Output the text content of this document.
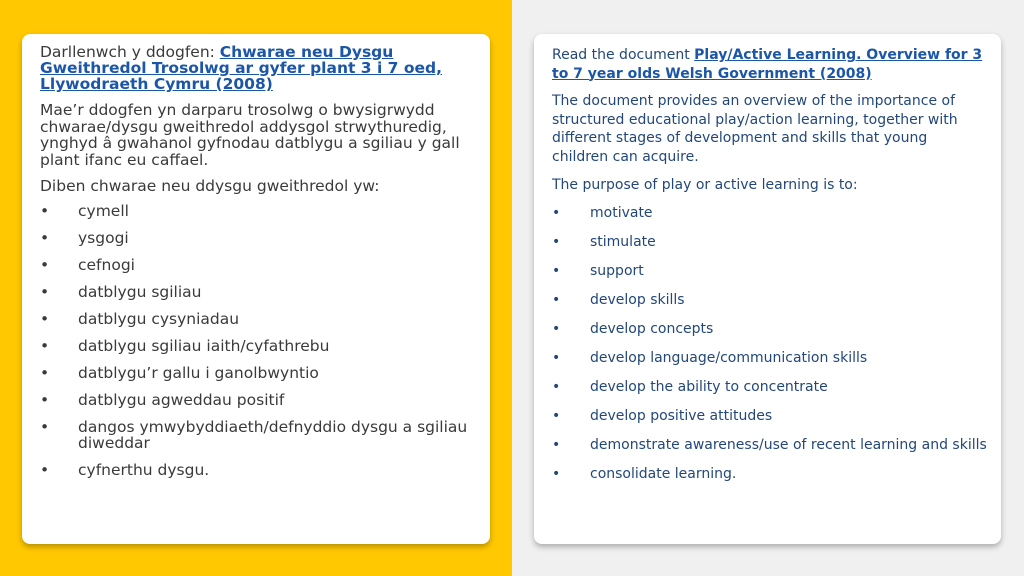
Darllenwch y ddogfen: Chwarae neu Dysgu Gweithredol Trosolwg ar gyfer plant 3 i 7 oed, Llywodraeth Cymru (2008)

Mae’r ddogfen yn darparu trosolwg o bwysigrwydd chwarae/dysgu gweithredol addysgol strwythuredig, ynghyd â gwahanol gyfnodau datblygu a sgiliau y gall plant ifanc eu caffael.

Diben chwarae neu ddysgu gweithredol yw:

• cymell
• ysgogi
• cefnogi
• datblygu sgiliau
• datblygu cysyniadau
• datblygu sgiliau iaith/cyfathrebu
• datblygu’r gallu i ganolbwyntio
• datblygu agweddau positif
• dangos ymwybyddiaeth/defnyddio dysgu a sgiliau diweddar
• cyfnerthu dysgu.

Read the document Play/Active Learning. Overview for 3 to 7 year olds Welsh Government (2008)

The document provides an overview of the importance of structured educational play/action learning, together with different stages of development and skills that young children can acquire.

The purpose of play or active learning is to:

• motivate
• stimulate
• support
• develop skills
• develop concepts
• develop language/communication skills
• develop the ability to concentrate
• develop positive attitudes
• demonstrate awareness/use of recent learning and skills
• consolidate learning.
